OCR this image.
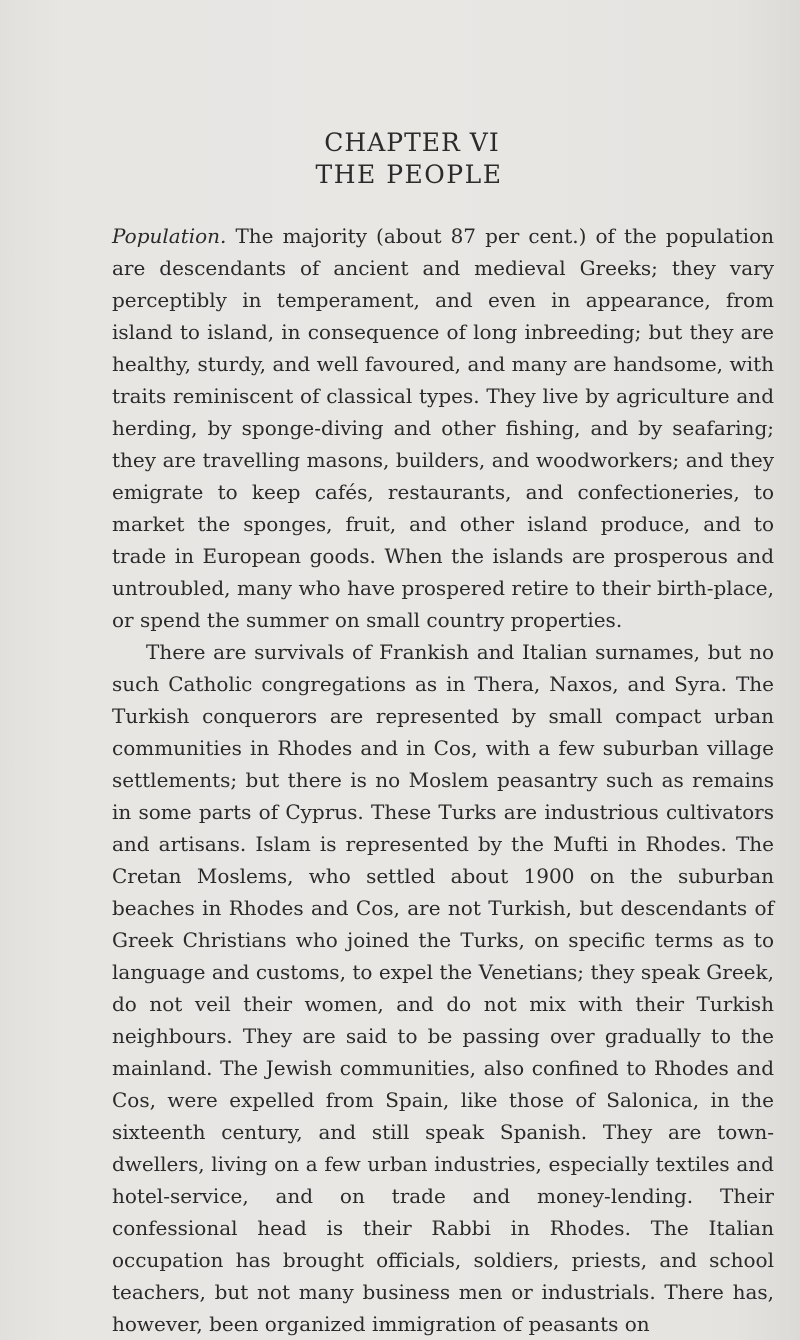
CHAPTER VI
THE PEOPLE

Population. The majority (about 87 per cent.) of the population are descendants of ancient and medieval Greeks; they vary perceptibly in temperament, and even in appearance, from island to island, in consequence of long inbreeding; but they are healthy, sturdy, and well favoured, and many are handsome, with traits reminiscent of classical types. They live by agriculture and herding, by sponge-diving and other fishing, and by seafaring; they are travelling masons, builders, and woodworkers; and they emigrate to keep cafés, restaurants, and confectioneries, to market the sponges, fruit, and other island produce, and to trade in European goods. When the islands are prosperous and untroubled, many who have prospered retire to their birth-place, or spend the summer on small country properties.

There are survivals of Frankish and Italian surnames, but no such Catholic congregations as in Thera, Naxos, and Syra. The Turkish conquerors are represented by small compact urban communities in Rhodes and in Cos, with a few suburban village settlements; but there is no Moslem peasantry such as remains in some parts of Cyprus. These Turks are industrious cultivators and artisans. Islam is represented by the Mufti in Rhodes. The Cretan Moslems, who settled about 1900 on the suburban beaches in Rhodes and Cos, are not Turkish, but descendants of Greek Christians who joined the Turks, on specific terms as to language and customs, to expel the Venetians; they speak Greek, do not veil their women, and do not mix with their Turkish neighbours. They are said to be passing over gradually to the mainland. The Jewish communities, also confined to Rhodes and Cos, were expelled from Spain, like those of Salonica, in the sixteenth century, and still speak Spanish. They are town-dwellers, living on a few urban industries, especially textiles and hotel-service, and on trade and money-lending. Their confessional head is their Rabbi in Rhodes. The Italian occupation has brought officials, soldiers, priests, and school teachers, but not many business men or industrials. There has, however, been organized immigration of peasants on
